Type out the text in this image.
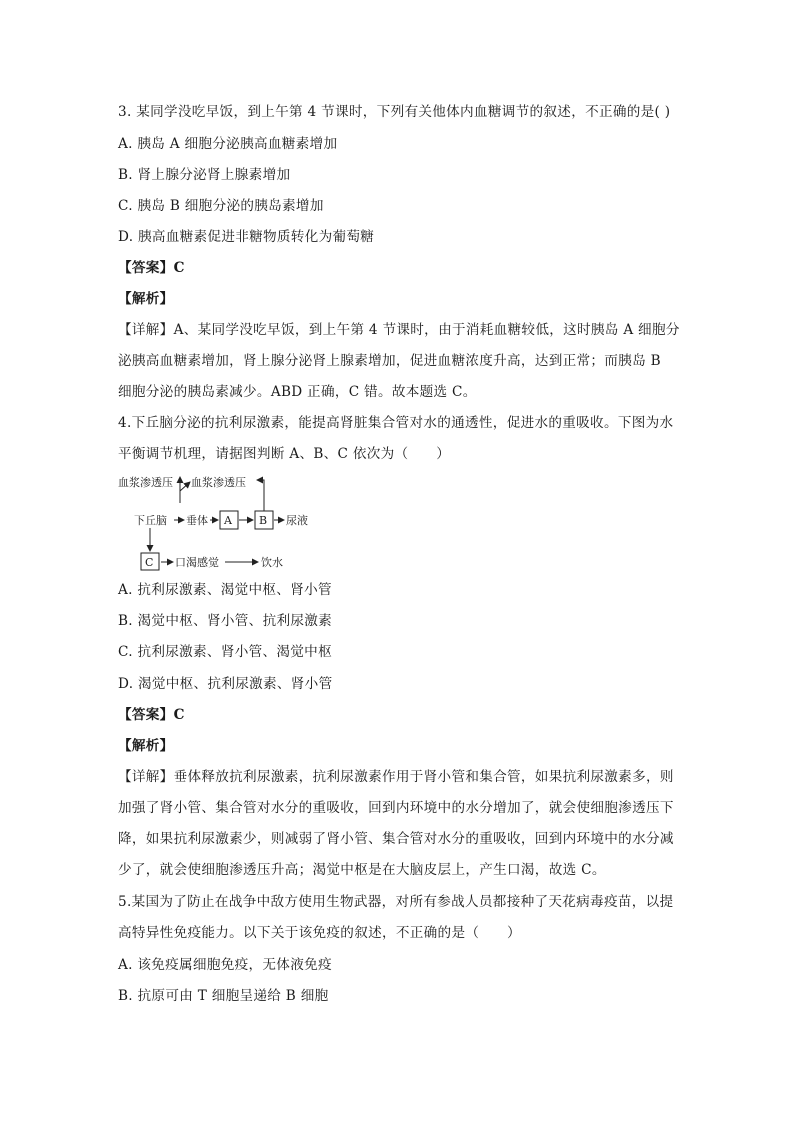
3. 某同学没吃早饭，到上午第 4 节课时，下列有关他体内血糖调节的叙述，不正确的是( )
A. 胰岛 A 细胞分泌胰高血糖素增加
B. 肾上腺分泌肾上腺素增加
C. 胰岛 B 细胞分泌的胰岛素增加
D. 胰高血糖素促进非糖物质转化为葡萄糖
【答案】C
【解析】
【详解】A、某同学没吃早饭，到上午第 4 节课时，由于消耗血糖较低，这时胰岛 A 细胞分
泌胰高血糖素增加，肾上腺分泌肾上腺素增加，促进血糖浓度升高，达到正常；而胰岛 B
细胞分泌的胰岛素减少。ABD 正确，C 错。故本题选 C。
4.下丘脑分泌的抗利尿激素，能提高肾脏集合管对水的通透性，促进水的重吸收。下图为水
平衡调节机理，请据图判断 A、B、C 依次为（　　）
血浆渗透压 血浆渗透压
下丘脑 垂体 A B 尿液
C 口渴感觉	饮水
A. 抗利尿激素、渴觉中枢、肾小管
B. 渴觉中枢、肾小管、抗利尿激素
C. 抗利尿激素、肾小管、渴觉中枢
D. 渴觉中枢、抗利尿激素、肾小管
【答案】C
【解析】
【详解】垂体释放抗利尿激素，抗利尿激素作用于肾小管和集合管，如果抗利尿激素多，则
加强了肾小管、集合管对水分的重吸收，回到内环境中的水分增加了，就会使细胞渗透压下
降，如果抗利尿激素少，则减弱了肾小管、集合管对水分的重吸收，回到内环境中的水分减
少了，就会使细胞渗透压升高；渴觉中枢是在大脑皮层上，产生口渴，故选 C。
5.某国为了防止在战争中敌方使用生物武器，对所有参战人员都接种了天花病毒疫苗，以提
高特异性免疫能力。以下关于该免疫的叙述，不正确的是（　　）
A. 该免疫属细胞免疫，无体液免疫
B. 抗原可由 T 细胞呈递给 B 细胞
